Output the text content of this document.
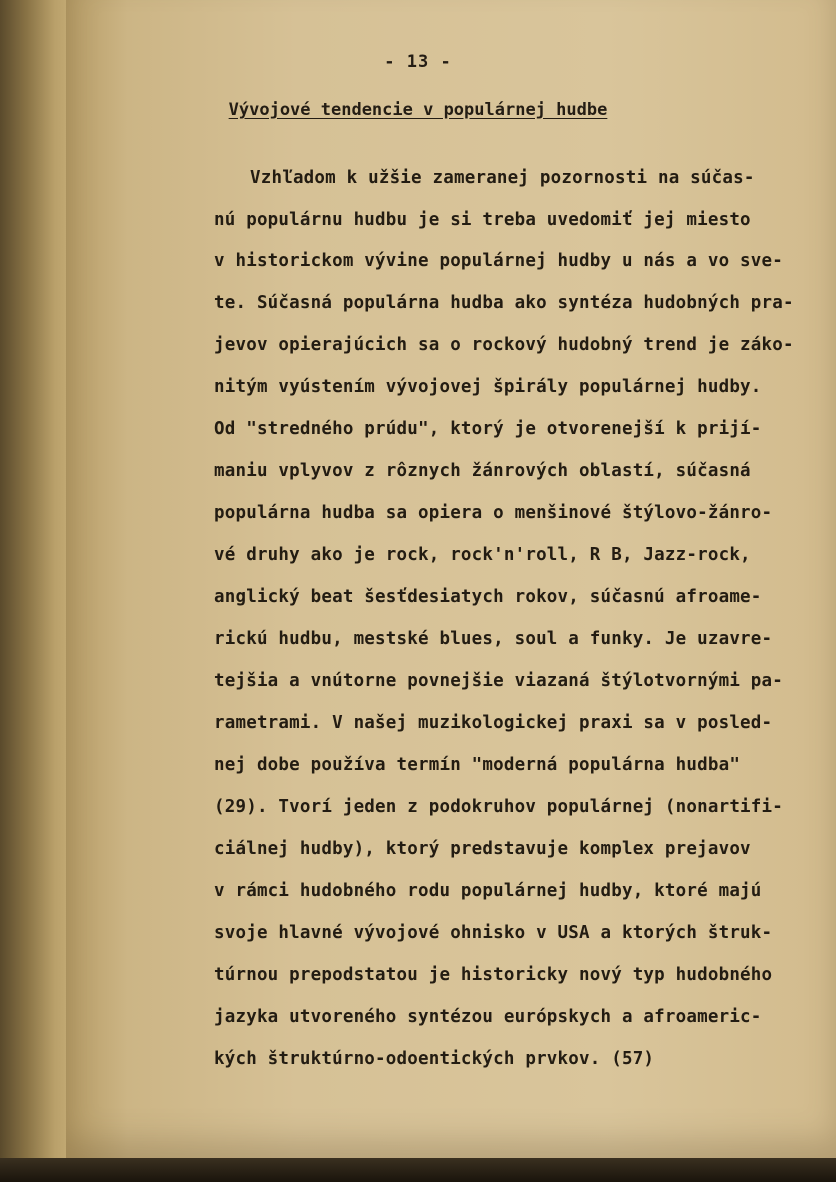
- 13 -
Vývojové tendencie v populárnej hudbe
Vzhľadom k užšie zameranej pozornosti na súčas-
nú populárnu hudbu je si treba uvedomiť jej miesto
v historickom vývine populárnej hudby u nás a vo sve-
te. Súčasná populárna hudba ako syntéza hudobných pra-
jevov opierajúcich sa o rockový hudobný trend je záko-
nitým vyústením vývojovej špirály populárnej hudby.
Od "stredného prúdu", ktorý je otvorenejší k prijí-
maniu vplyvov z rôznych žánrových oblastí, súčasná
populárna hudba sa opiera o menšinové štýlovo-žánro-
vé druhy ako je rock, rock'n'roll, R B, Jazz-rock,
anglický beat šesťdesiatych rokov, súčasnú afroame-
rickú hudbu, mestské blues, soul a funky. Je uzavre-
tejšia a vnútorne povnejšie viazaná štýlotvornými pa-
rametrami. V našej muzikologickej praxi sa v posled-
nej dobe používa termín "moderná populárna hudba"
(29). Tvorí jeden z podokruhov populárnej (nonartifi-
ciálnej hudby), ktorý predstavuje komplex prejavov
v rámci hudobného rodu populárnej hudby, ktoré majú
svoje hlavné vývojové ohnisko v USA a ktorých štruk-
túrnou prepodstatou je historicky nový typ hudobného
jazyka utvoreného syntézou európskych a afroameric-
kých štruktúrno-odoentických prvkov. (57)
